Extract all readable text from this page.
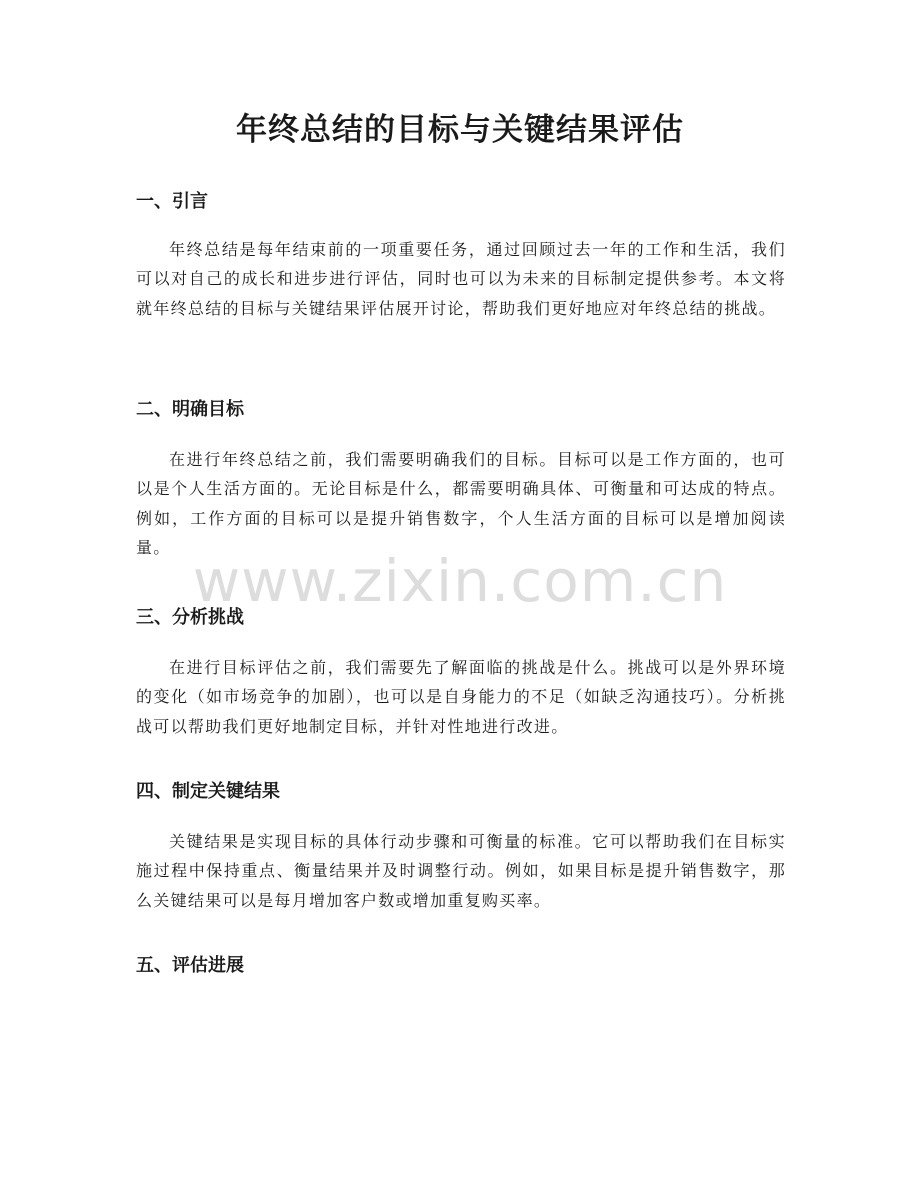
年终总结的目标与关键结果评估
一、引言

年终总结是每年结束前的一项重要任务，通过回顾过去一年的工作和生活，我们可以对自己的成长和进步进行评估，同时也可以为未来的目标制定提供参考。本文将就年终总结的目标与关键结果评估展开讨论，帮助我们更好地应对年终总结的挑战。

二、明确目标

在进行年终总结之前，我们需要明确我们的目标。目标可以是工作方面的，也可以是个人生活方面的。无论目标是什么，都需要明确具体、可衡量和可达成的特点。例如，工作方面的目标可以是提升销售数字，个人生活方面的目标可以是增加阅读量。

三、分析挑战

在进行目标评估之前，我们需要先了解面临的挑战是什么。挑战可以是外界环境的变化（如市场竞争的加剧），也可以是自身能力的不足（如缺乏沟通技巧）。分析挑战可以帮助我们更好地制定目标，并针对性地进行改进。

四、制定关键结果

关键结果是实现目标的具体行动步骤和可衡量的标准。它可以帮助我们在目标实施过程中保持重点、衡量结果并及时调整行动。例如，如果目标是提升销售数字，那么关键结果可以是每月增加客户数或增加重复购买率。

五、评估进展
www.zixin.com.cn
